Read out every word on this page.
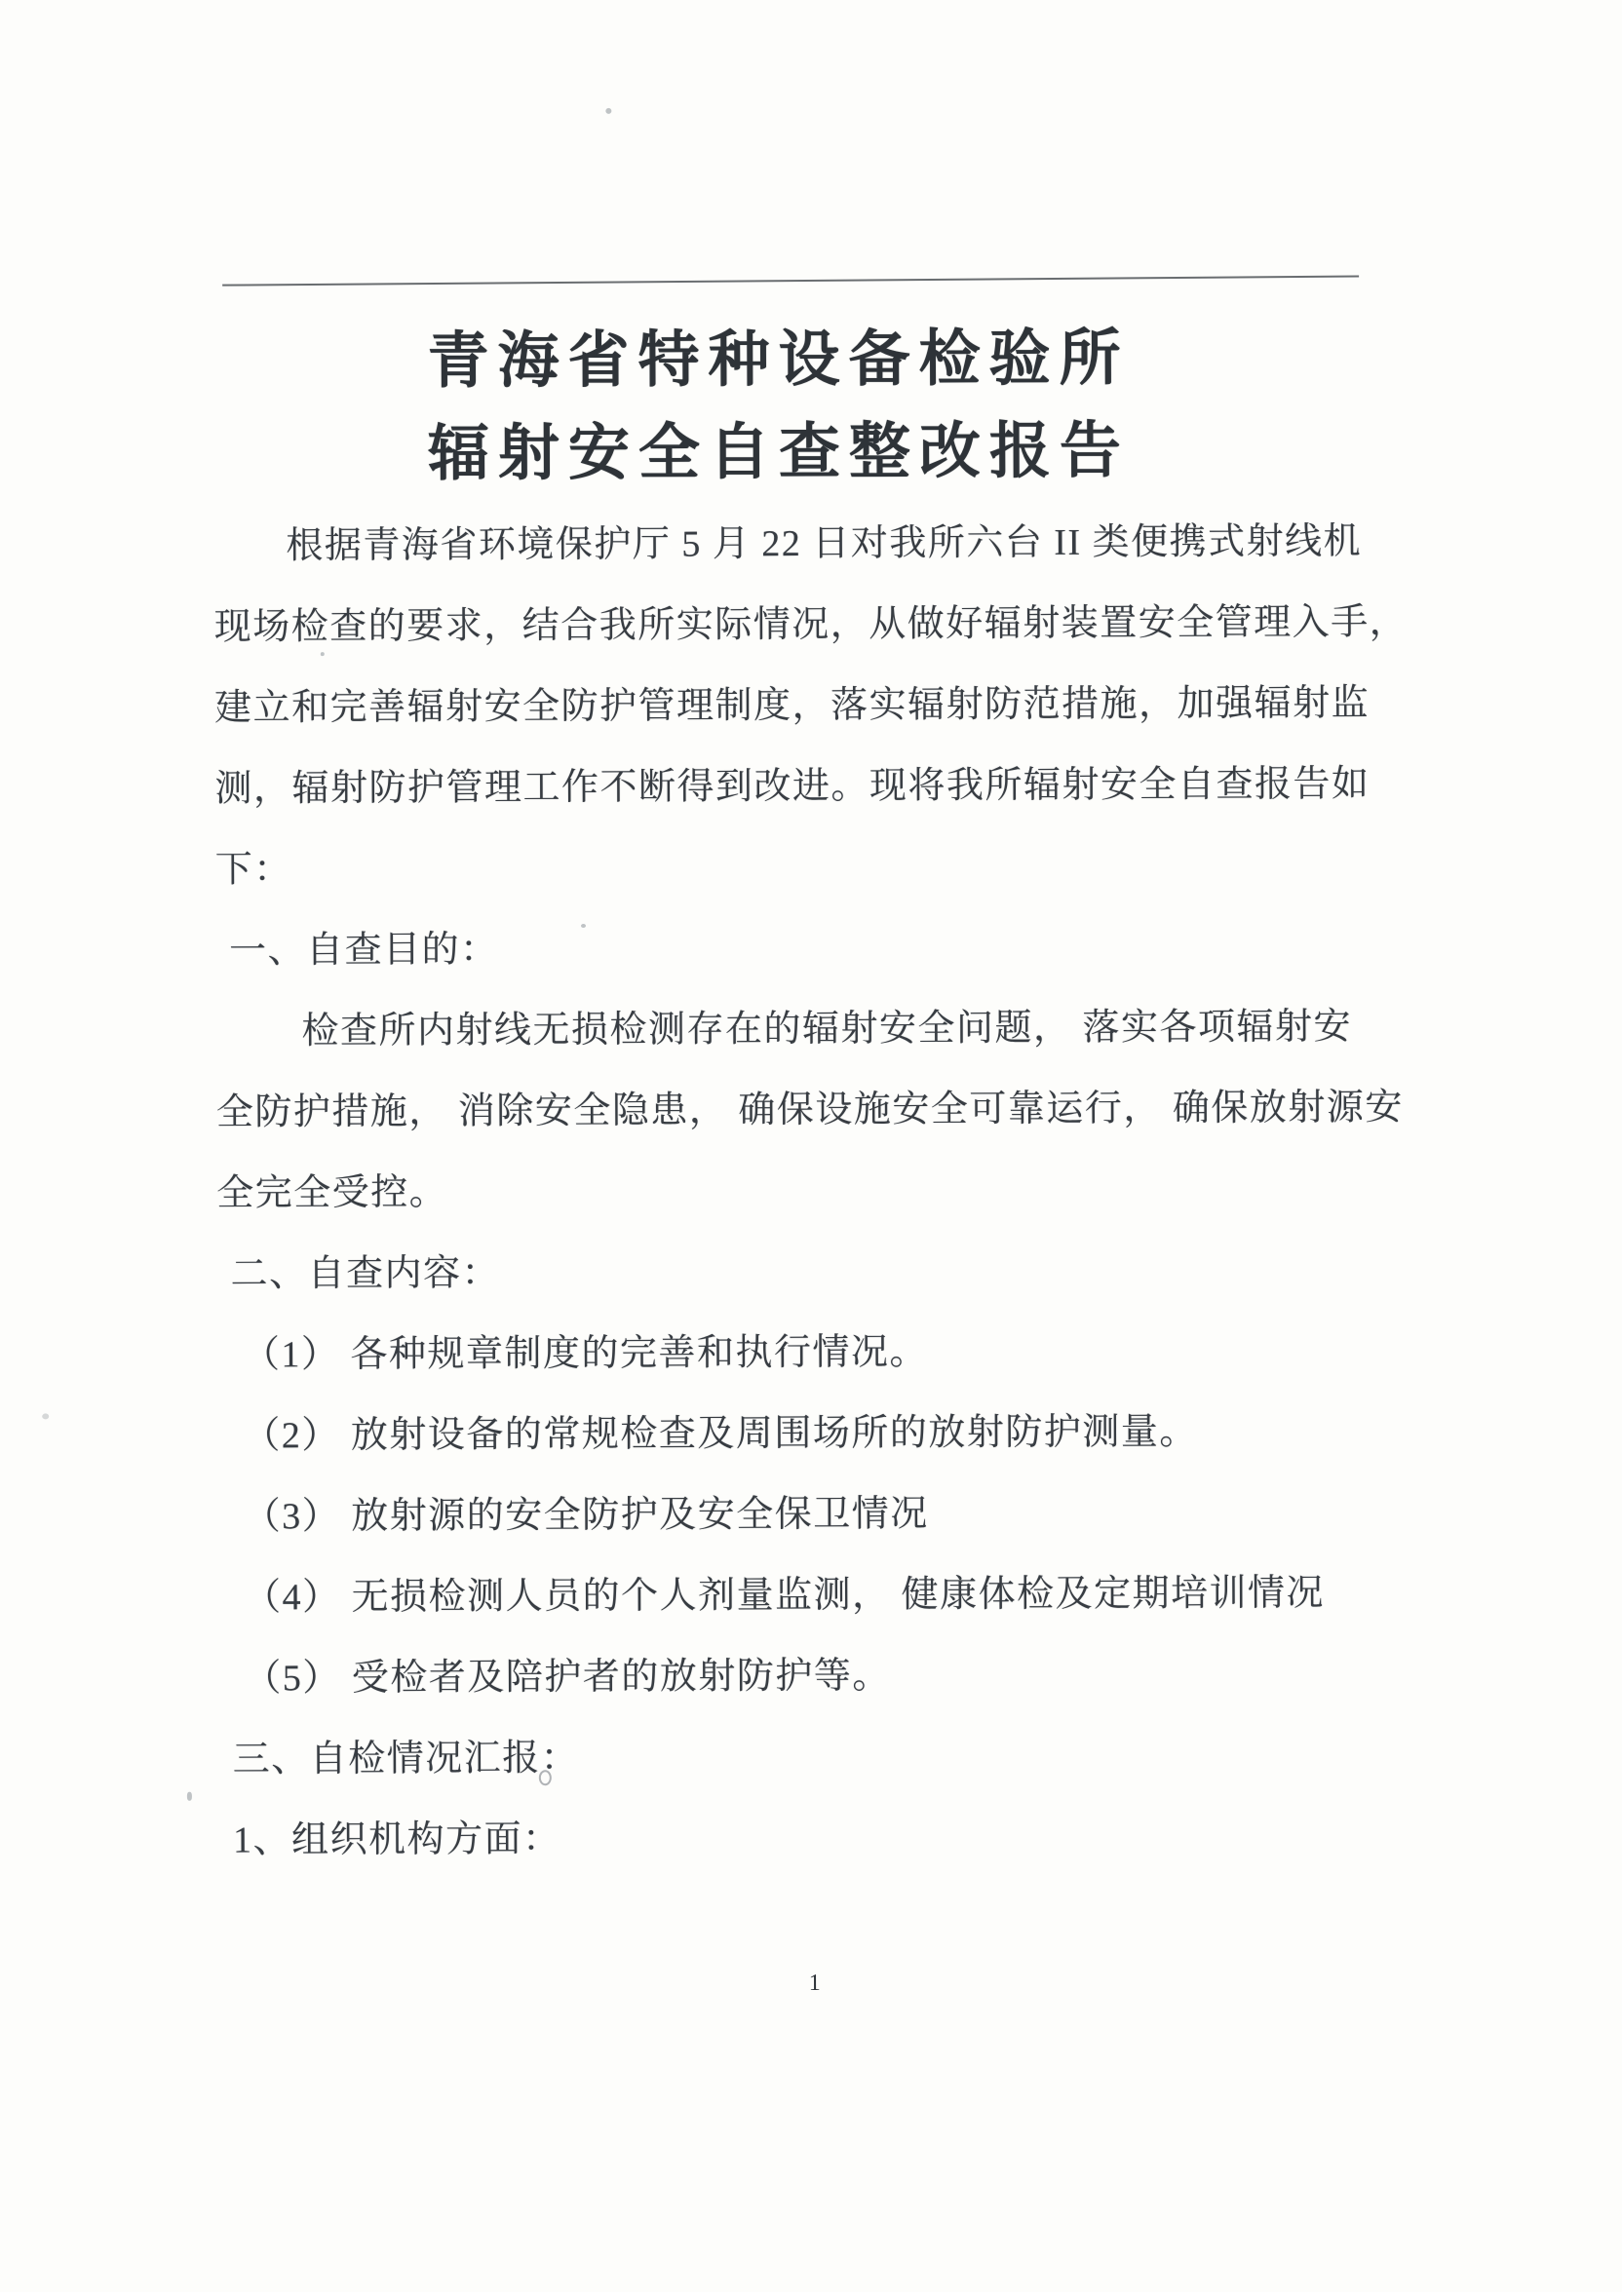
青海省特种设备检验所
辐射安全自查整改报告
根据青海省环境保护厅 5 月 22 日对我所六台 II 类便携式射线机
现场检查的要求，结合我所实际情况，从做好辐射装置安全管理入手，
建立和完善辐射安全防护管理制度，落实辐射防范措施，加强辐射监
测，辐射防护管理工作不断得到改进。现将我所辐射安全自查报告如
下：
一、自查目的：
检查所内射线无损检测存在的辐射安全问题， 落实各项辐射安
全防护措施， 消除安全隐患， 确保设施安全可靠运行， 确保放射源安
全完全受控。
二、自查内容：
（1） 各种规章制度的完善和执行情况。
（2） 放射设备的常规检查及周围场所的放射防护测量。
（3） 放射源的安全防护及安全保卫情况
（4） 无损检测人员的个人剂量监测， 健康体检及定期培训情况
（5） 受检者及陪护者的放射防护等。
三、自检情况汇报：
1、组织机构方面：
1
